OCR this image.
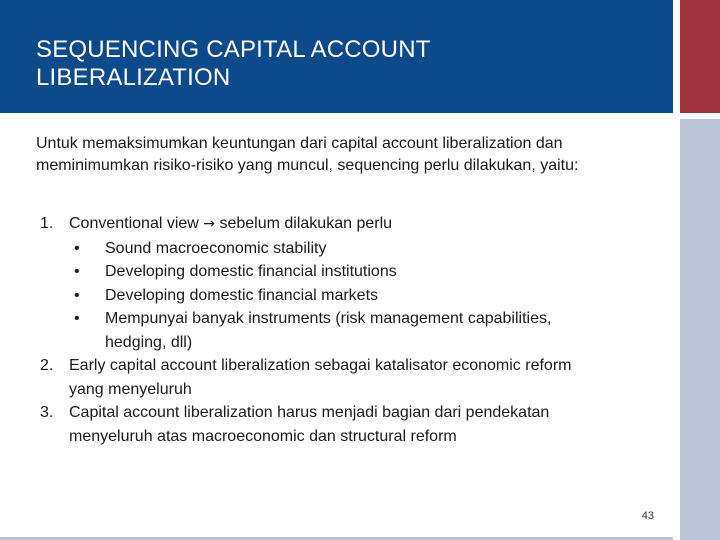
SEQUENCING CAPITAL ACCOUNT
LIBERALIZATION
Untuk memaksimumkan keuntungan dari capital account liberalization dan
meminimumkan risiko-risiko yang muncul, sequencing perlu dilakukan, yaitu:
1. Conventional view → sebelum dilakukan perlu
• Sound macroeconomic stability
• Developing domestic financial institutions
• Developing domestic financial markets
• Mempunyai banyak instruments (risk management capabilities,
hedging, dll)
2. Early capital account liberalization sebagai katalisator economic reform
yang menyeluruh
3. Capital account liberalization harus menjadi bagian dari pendekatan
menyeluruh atas macroeconomic dan structural reform
43
